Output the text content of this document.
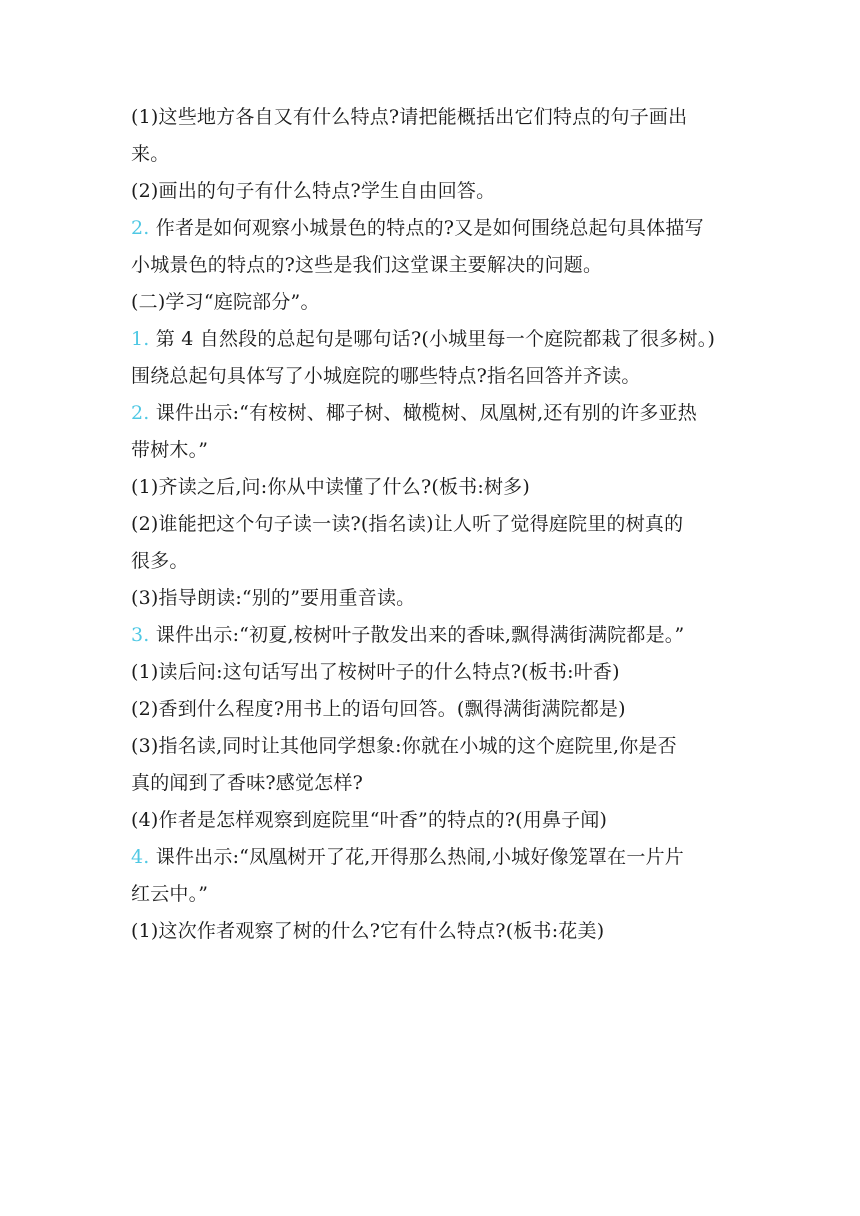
(1)这些地方各自又有什么特点?请把能概括出它们特点的句子画出
来。
(2)画出的句子有什么特点?学生自由回答。
2. 作者是如何观察小城景色的特点的?又是如何围绕总起句具体描写
小城景色的特点的?这些是我们这堂课主要解决的问题。
(二)学习“庭院部分”。
1. 第 4 自然段的总起句是哪句话?(小城里每一个庭院都栽了很多树。)
围绕总起句具体写了小城庭院的哪些特点?指名回答并齐读。
2. 课件出示:“有桉树、椰子树、橄榄树、凤凰树,还有别的许多亚热
带树木。”
(1)齐读之后,问:你从中读懂了什么?(板书:树多)
(2)谁能把这个句子读一读?(指名读)让人听了觉得庭院里的树真的
很多。
(3)指导朗读:“别的”要用重音读。
3. 课件出示:“初夏,桉树叶子散发出来的香味,飘得满街满院都是。”
(1)读后问:这句话写出了桉树叶子的什么特点?(板书:叶香)
(2)香到什么程度?用书上的语句回答。(飘得满街满院都是)
(3)指名读,同时让其他同学想象:你就在小城的这个庭院里,你是否
真的闻到了香味?感觉怎样?
(4)作者是怎样观察到庭院里“叶香”的特点的?(用鼻子闻)
4. 课件出示:“凤凰树开了花,开得那么热闹,小城好像笼罩在一片片
红云中。”
(1)这次作者观察了树的什么?它有什么特点?(板书:花美)
